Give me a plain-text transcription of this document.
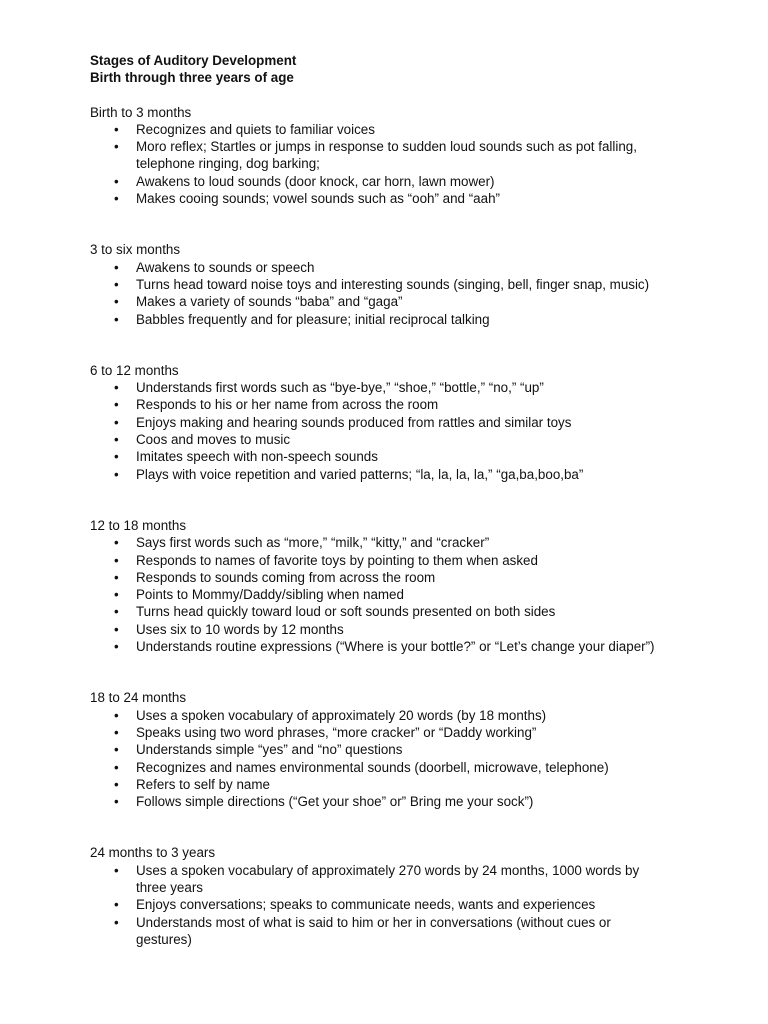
Stages of Auditory Development

Birth through three years of age

Birth to 3 months

• Recognizes and quiets to familiar voices
• Moro reflex; Startles or jumps in response to sudden loud sounds such as pot falling, telephone ringing, dog barking;
• Awakens to loud sounds (door knock, car horn, lawn mower)
• Makes cooing sounds; vowel sounds such as “ooh” and “aah”

3 to six months

• Awakens to sounds or speech
• Turns head toward noise toys and interesting sounds (singing, bell, finger snap, music)
• Makes a variety of sounds “baba” and “gaga”
• Babbles frequently and for pleasure; initial reciprocal talking

6 to 12 months

• Understands first words such as “bye-bye,” “shoe,” “bottle,” “no,” “up”
• Responds to his or her name from across the room
• Enjoys making and hearing sounds produced from rattles and similar toys
• Coos and moves to music
• Imitates speech with non-speech sounds
• Plays with voice repetition and varied patterns; “la, la, la, la,” “ga,ba,boo,ba”

12 to 18 months

• Says first words such as “more,” “milk,” “kitty,” and “cracker”
• Responds to names of favorite toys by pointing to them when asked
• Responds to sounds coming from across the room
• Points to Mommy/Daddy/sibling when named
• Turns head quickly toward loud or soft sounds presented on both sides
• Uses six to 10 words by 12 months
• Understands routine expressions (“Where is your bottle?” or “Let’s change your diaper”)

18 to 24 months

• Uses a spoken vocabulary of approximately 20 words (by 18 months)
• Speaks using two word phrases, “more cracker” or “Daddy working”
• Understands simple “yes” and “no” questions
• Recognizes and names environmental sounds (doorbell, microwave, telephone)
• Refers to self by name
• Follows simple directions (“Get your shoe” or” Bring me your sock”)

24 months to 3 years

• Uses a spoken vocabulary of approximately 270 words by 24 months, 1000 words by three years
• Enjoys conversations; speaks to communicate needs, wants and experiences
• Understands most of what is said to him or her in conversations (without cues or gestures)
